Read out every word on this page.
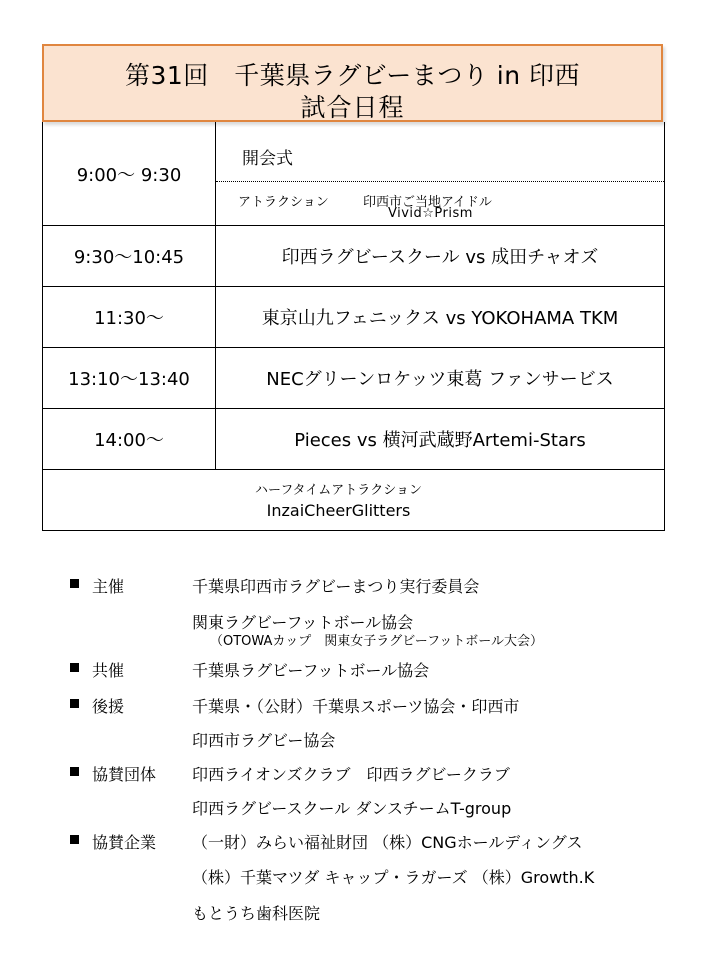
第31回　千葉県ラグビーまつり in 印西
試合日程
9:00～ 9:30
開会式
アトラクション	印西市ご当地アイドル
Vivid☆Prism
9:30～10:45	印西ラグビースクール vs 成田チャオズ
11:30～	東京山九フェニックス vs YOKOHAMA TKM
13:10～13:40	NECグリーンロケッツ東葛 ファンサービス
14:00～	Pieces vs 横河武蔵野Artemi-Stars
ハーフタイムアトラクション
InzaiCheerGlitters
主催	千葉県印西市ラグビーまつり実行委員会
関東ラグビーフットボール協会
（OTOWAカップ　関東女子ラグビーフットボール大会）
共催	千葉県ラグビーフットボール協会
後援	千葉県・（公財）千葉県スポーツ協会・印西市
印西市ラグビー協会
協賛団体 印西ライオンズクラブ　印西ラグビークラブ
印西ラグビースクール ダンスチームT-group
協賛企業 （一財）みらい福祉財団 （株）CNGホールディングス
（株）千葉マツダ キャップ・ラガーズ （株）Growth.K
もとうち歯科医院
